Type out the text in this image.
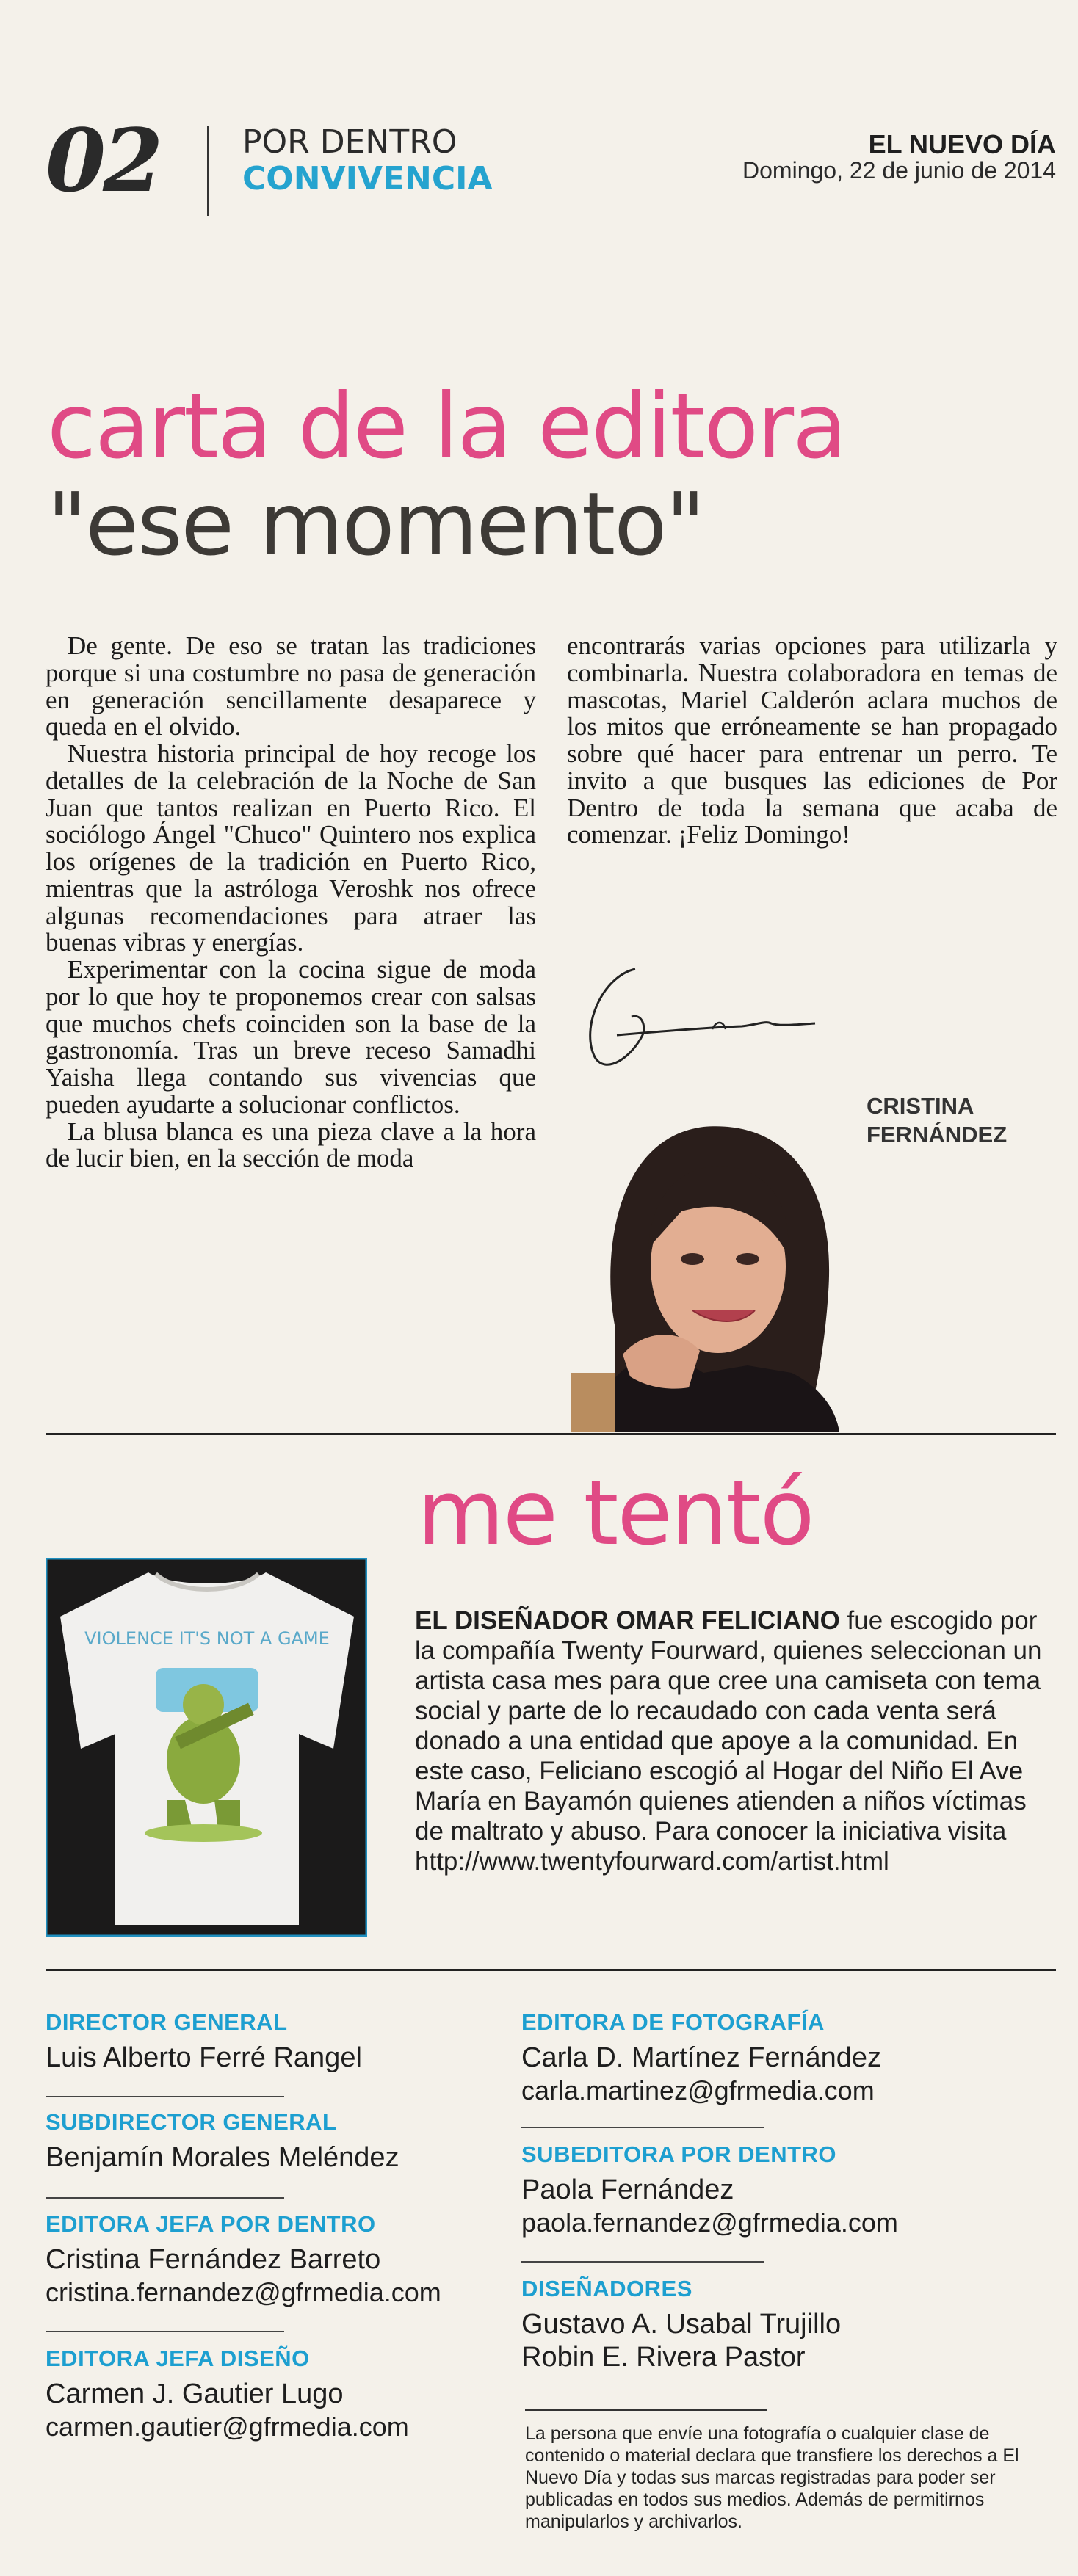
02	POR DENTRO
CONVIVENCIA
EL NUEVO DÍA
Domingo, 22 de junio de 2014
carta de la editora
"ese momento"

De gente. De eso se tratan las tradiciones porque si una costumbre no pasa de generación en generación sencillamente desaparece y queda en el olvido.

Nuestra historia principal de hoy recoge los detalles de la celebración de la Noche de San Juan que tantos realizan en Puerto Rico. El sociólogo Ángel "Chuco" Quintero nos explica los orígenes de la tradición en Puerto Rico, mientras que la astróloga Veroshk nos ofrece algunas recomendaciones para atraer las buenas vibras y energías.

Experimentar con la cocina sigue de moda por lo que hoy te proponemos crear con salsas que muchos chefs coinciden son la base de la gastronomía. Tras un breve receso Samadhi Yaisha llega contando sus vivencias que pueden ayudarte a solucionar conflictos.

La blusa blanca es una pieza clave a la hora de lucir bien, en la sección de moda

encontrarás varias opciones para utilizarla y combinarla. Nuestra colaboradora en temas de mascotas, Mariel Calderón aclara muchos de los mitos que erróneamente se han propagado sobre qué hacer para entrenar un perro. Te invito a que busques las ediciones de Por Dentro de toda la semana que acaba de comenzar. ¡Feliz Domingo!

CRISTINA
FERNÁNDEZ
me tentó
VIOLENCE IT'S NOT A GAME
EL DISEÑADOR OMAR FELICIANO fue escogido por la compañía Twenty Fourward, quienes seleccionan un artista casa mes para que cree una camiseta con tema social y parte de lo recaudado con cada venta será donado a una entidad que apoye a la comunidad. En este caso, Feliciano escogió al Hogar del Niño El Ave María en Bayamón quienes atienden a niños víctimas de maltrato y abuso. Para conocer la iniciativa visita http://www.twentyfourward.com/artist.html
DIRECTOR GENERAL
Luis Alberto Ferré Rangel
SUBDIRECTOR GENERAL
Benjamín Morales Meléndez
EDITORA JEFA POR DENTRO
Cristina Fernández Barreto
cristina.fernandez@gfrmedia.com
EDITORA JEFA DISEÑO
Carmen J. Gautier Lugo
carmen.gautier@gfrmedia.com
EDITORA DE FOTOGRAFÍA
Carla D. Martínez Fernández
carla.martinez@gfrmedia.com
SUBEDITORA POR DENTRO
Paola Fernández
paola.fernandez@gfrmedia.com
DISEÑADORES
Gustavo A. Usabal Trujillo
Robin E. Rivera Pastor
La persona que envíe una fotografía o cualquier clase de contenido o material declara que transfiere los derechos a El Nuevo Día y todas sus marcas registradas para poder ser publicadas en todos sus medios. Además de permitirnos manipularlos y archivarlos.
